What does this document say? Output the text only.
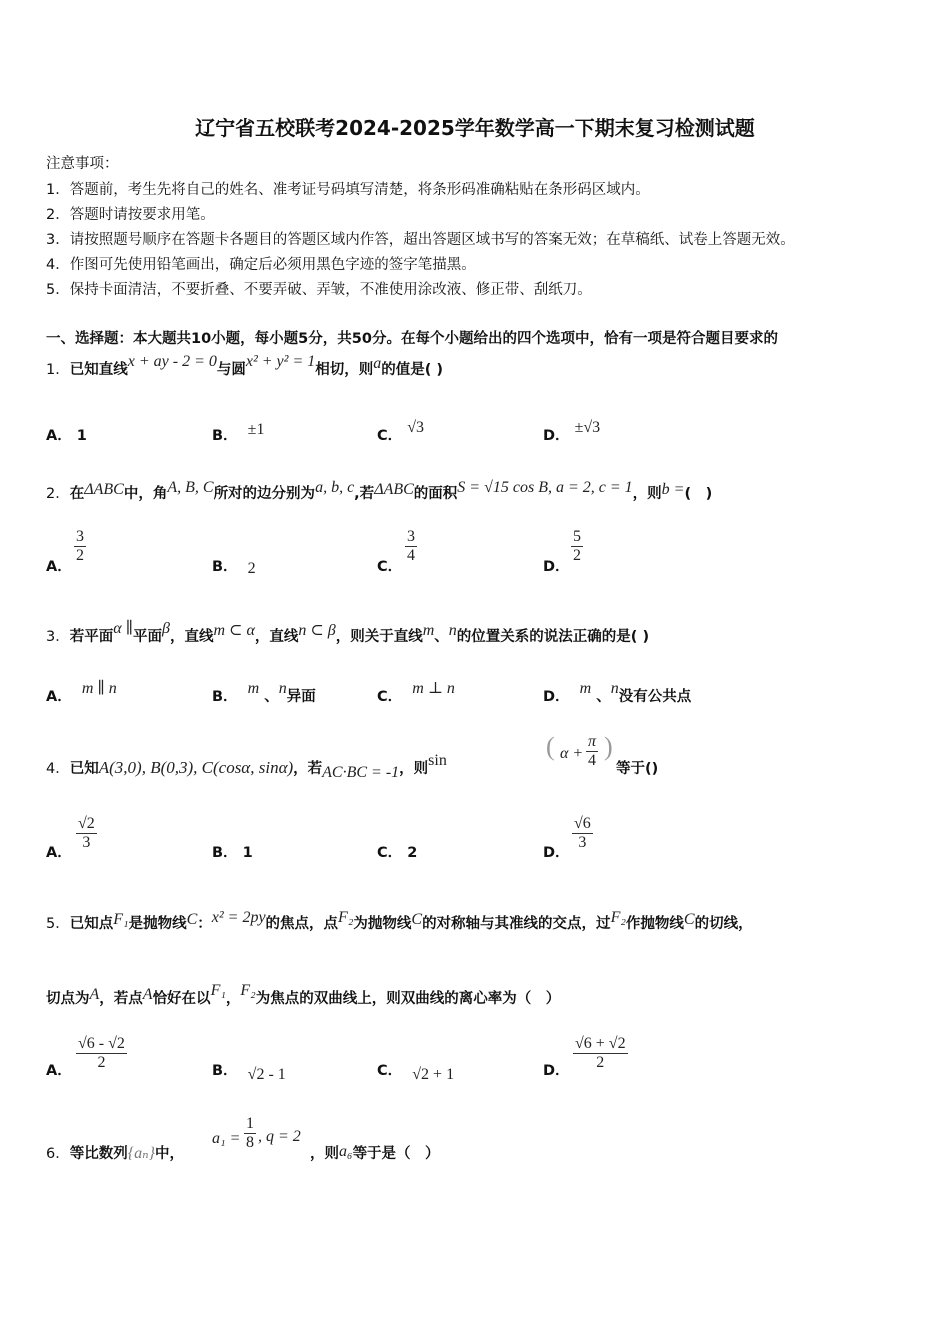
辽宁省五校联考2024-2025学年数学高一下期末复习检测试题
注意事项：
1．答题前，考生先将自己的姓名、准考证号码填写清楚，将条形码准确粘贴在条形码区域内。
2．答题时请按要求用笔。
3．请按照题号顺序在答题卡各题目的答题区域内作答，超出答题区域书写的答案无效；在草稿纸、试卷上答题无效。
4．作图可先使用铅笔画出，确定后必须用黑色字迹的签字笔描黑。
5．保持卡面清洁，不要折叠、不要弄破、弄皱，不准使用涂改液、修正带、刮纸刀。
一、选择题：本大题共10小题，每小题5分，共50分。在每个小题给出的四个选项中，恰有一项是符合题目要求的
1．已知直线x + ay - 2 = 0与圆x² + y² = 1相切，则a的值是( )
A． 1	B． ±1	C． √3	D． ±√3
2．在ΔABC中，角A, B, C所对的边分别为a, b, c,若ΔABC的面积S = √15 cos B, a = 2, c = 1，则b =(　)
A．
$\frac{3}{2}$
B． 2	C．
$\frac{3}{4}$
D．
$\frac{5}{2}$
3．若平面α ∥平面β，直线m ⊂ α，直线n ⊂ β，则关于直线m、n的位置关系的说法正确的是( )
A． m ∥ n	B． m 、n异面	C． m ⊥ n	D． m 、n没有公共点
4．已知A(3,0), B(0,3), C(cosα, sinα)，若AC·BC = -1，则sin	( $\alpha + \frac{\pi}{4}$ )
等于()
A．
$\frac{√2}{3}$
B． 1	C． 2	D．
$\frac{√6}{3}$
5．已知点F₁是抛物线C：x² = 2py的焦点，点F₂为抛物线C的对称轴与其准线的交点，过F₂作抛物线C的切线，
切点为A，若点A恰好在以F₁，F₂为焦点的双曲线上，则双曲线的离心率为（　）
A． $\frac{√6 - √2}{2}$	B． √2 - 1	C． √2 + 1	D． $\frac{√6 + √2}{2}$
6．等比数列{aₙ}中，
$a_1 = \frac{1}{8}$ , q = 2
，则a₆等于是（　）
